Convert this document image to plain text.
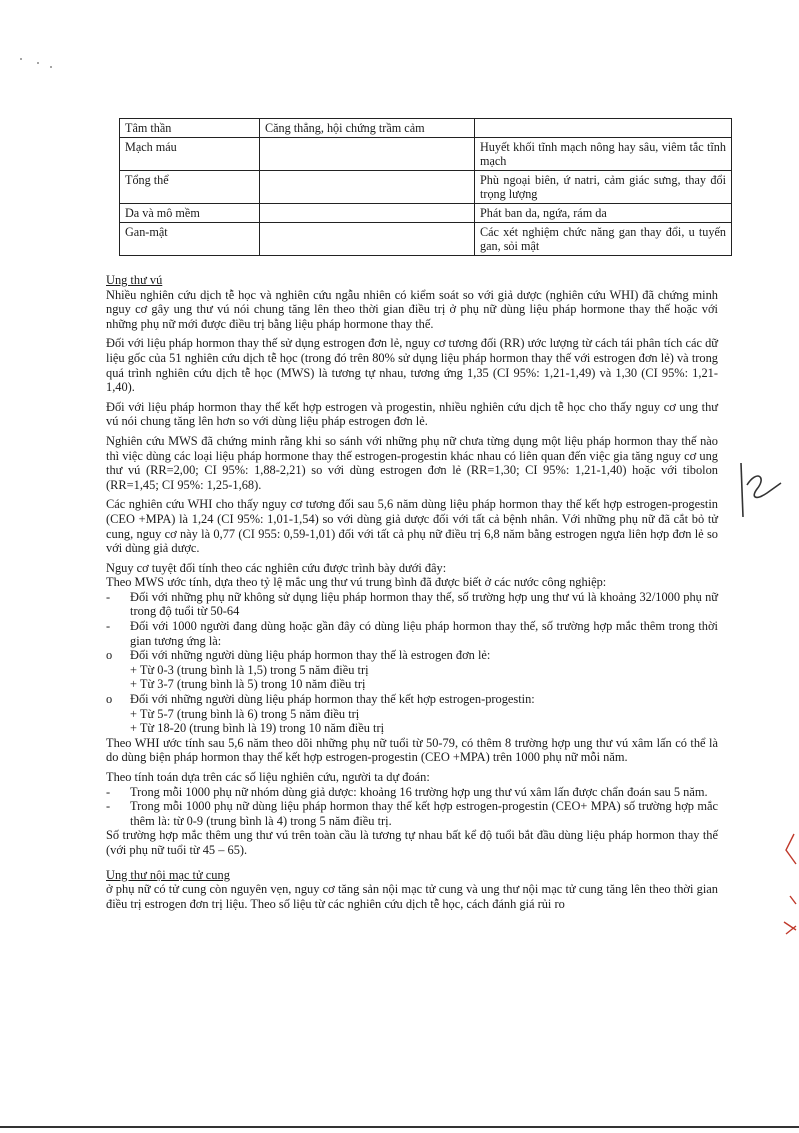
Tâm thần	Căng thẳng, hội chứng trầm cảm	
Mạch máu		Huyết khối tĩnh mạch nông hay sâu, viêm tắc tĩnh mạch
Tổng thể		Phù ngoại biên, ứ natri, cảm giác sưng, thay đổi trọng lượng
Da và mô mềm		Phát ban da, ngứa, rám da
Gan-mật		Các xét nghiệm chức năng gan thay đổi, u tuyến gan, sỏi mật
Ung thư vú
Nhiều nghiên cứu dịch tễ học và nghiên cứu ngẫu nhiên có kiểm soát so với giả dược (nghiên cứu WHI) đã chứng minh nguy cơ gây ung thư vú nói chung tăng lên theo thời gian điều trị ở phụ nữ dùng liệu pháp hormone thay thế hoặc với những phụ nữ mới được điều trị bằng liệu pháp hormone thay thế.
Đối với liệu pháp hormon thay thế sử dụng estrogen đơn lẻ, nguy cơ tương đối (RR) ước lượng từ cách tái phân tích các dữ liệu gốc của 51 nghiên cứu dịch tễ học (trong đó trên 80% sử dụng liệu pháp hormon thay thế với estrogen đơn lẻ) và trong quá trình nghiên cứu dịch tễ học (MWS) là tương tự nhau, tương ứng 1,35 (CI 95%: 1,21-1,49) và 1,30 (CI 95%: 1,21-1,40).
Đối với liệu pháp hormon thay thế kết hợp estrogen và progestin, nhiều nghiên cứu dịch tễ học cho thấy nguy cơ ung thư vú nói chung tăng lên hơn so với dùng liệu pháp estrogen đơn lẻ.
Nghiên cứu MWS đã chứng minh rằng khi so sánh với những phụ nữ chưa từng dụng một liệu pháp hormon thay thế nào thì việc dùng các loại liệu pháp hormone thay thế estrogen-progestin khác nhau có liên quan đến việc gia tăng nguy cơ ung thư vú (RR=2,00; CI 95%: 1,88-2,21) so với dùng estrogen đơn lẻ (RR=1,30; CI 95%: 1,21-1,40) hoặc với tibolon (RR=1,45; CI 95%: 1,25-1,68).
Các nghiên cứu WHI cho thấy nguy cơ tương đối sau 5,6 năm dùng liệu pháp hormon thay thế kết hợp estrogen-progestin (CEO +MPA) là 1,24 (CI 95%: 1,01-1,54) so với dùng giả dược đối với tất cả bệnh nhân. Với những phụ nữ đã cắt bỏ tử cung, nguy cơ này là 0,77 (CI 955: 0,59-1,01) đối với tất cả phụ nữ điều trị 6,8 năm bằng estrogen ngựa liên hợp đơn lẻ so với dùng giả dược.
Nguy cơ tuyệt đối tính theo các nghiên cứu được trình bày dưới đây:
Theo MWS ước tính, dựa theo tỷ lệ mắc ung thư vú trung bình đã được biết ở các nước công nghiệp:
- Đối với những phụ nữ không sử dụng liệu pháp hormon thay thế, số trường hợp ung thư vú là khoảng 32/1000 phụ nữ trong độ tuổi từ 50-64
- Đối với 1000 người đang dùng hoặc gần đây có dùng liệu pháp hormon thay thế, số trường hợp mắc thêm trong thời gian tương ứng là:
o Đối với những người dùng liệu pháp hormon thay thế là estrogen đơn lẻ:
+ Từ 0-3 (trung bình là 1,5) trong 5 năm điều trị
+ Từ 3-7 (trung bình là 5) trong 10 năm điều trị
o Đối với những người dùng liệu pháp hormon thay thế kết hợp estrogen-progestin:
+ Từ 5-7 (trung bình là 6) trong 5 năm điều trị
+ Từ 18-20 (trung bình là 19) trong 10 năm điều trị
Theo WHI ước tính sau 5,6 năm theo dõi những phụ nữ tuổi từ 50-79, có thêm 8 trường hợp ung thư vú xâm lấn có thể là do dùng biện pháp hormon thay thế kết hợp estrogen-progestin (CEO +MPA) trên 1000 phụ nữ mỗi năm.
Theo tính toán dựa trên các số liệu nghiên cứu, người ta dự đoán:
- Trong mỗi 1000 phụ nữ nhóm dùng giả dược: khoảng 16 trường hợp ung thư vú xâm lấn được chẩn đoán sau 5 năm.
- Trong mỗi 1000 phụ nữ dùng liệu pháp hormon thay thế kết hợp estrogen-progestin (CEO+ MPA) số trường hợp mắc thêm là: từ 0-9 (trung bình là 4) trong 5 năm điều trị.
Số trường hợp mắc thêm ung thư vú trên toàn cầu là tương tự nhau bất kể độ tuổi bắt đầu dùng liệu pháp hormon thay thế (với phụ nữ tuổi từ 45 – 65).
Ung thư nội mạc tử cung
ở phụ nữ có tử cung còn nguyên vẹn, nguy cơ tăng sản nội mạc tử cung và ung thư nội mạc tử cung tăng lên theo thời gian điều trị estrogen đơn trị liệu. Theo số liệu từ các nghiên cứu dịch tễ học, cách đánh giá rủi ro
